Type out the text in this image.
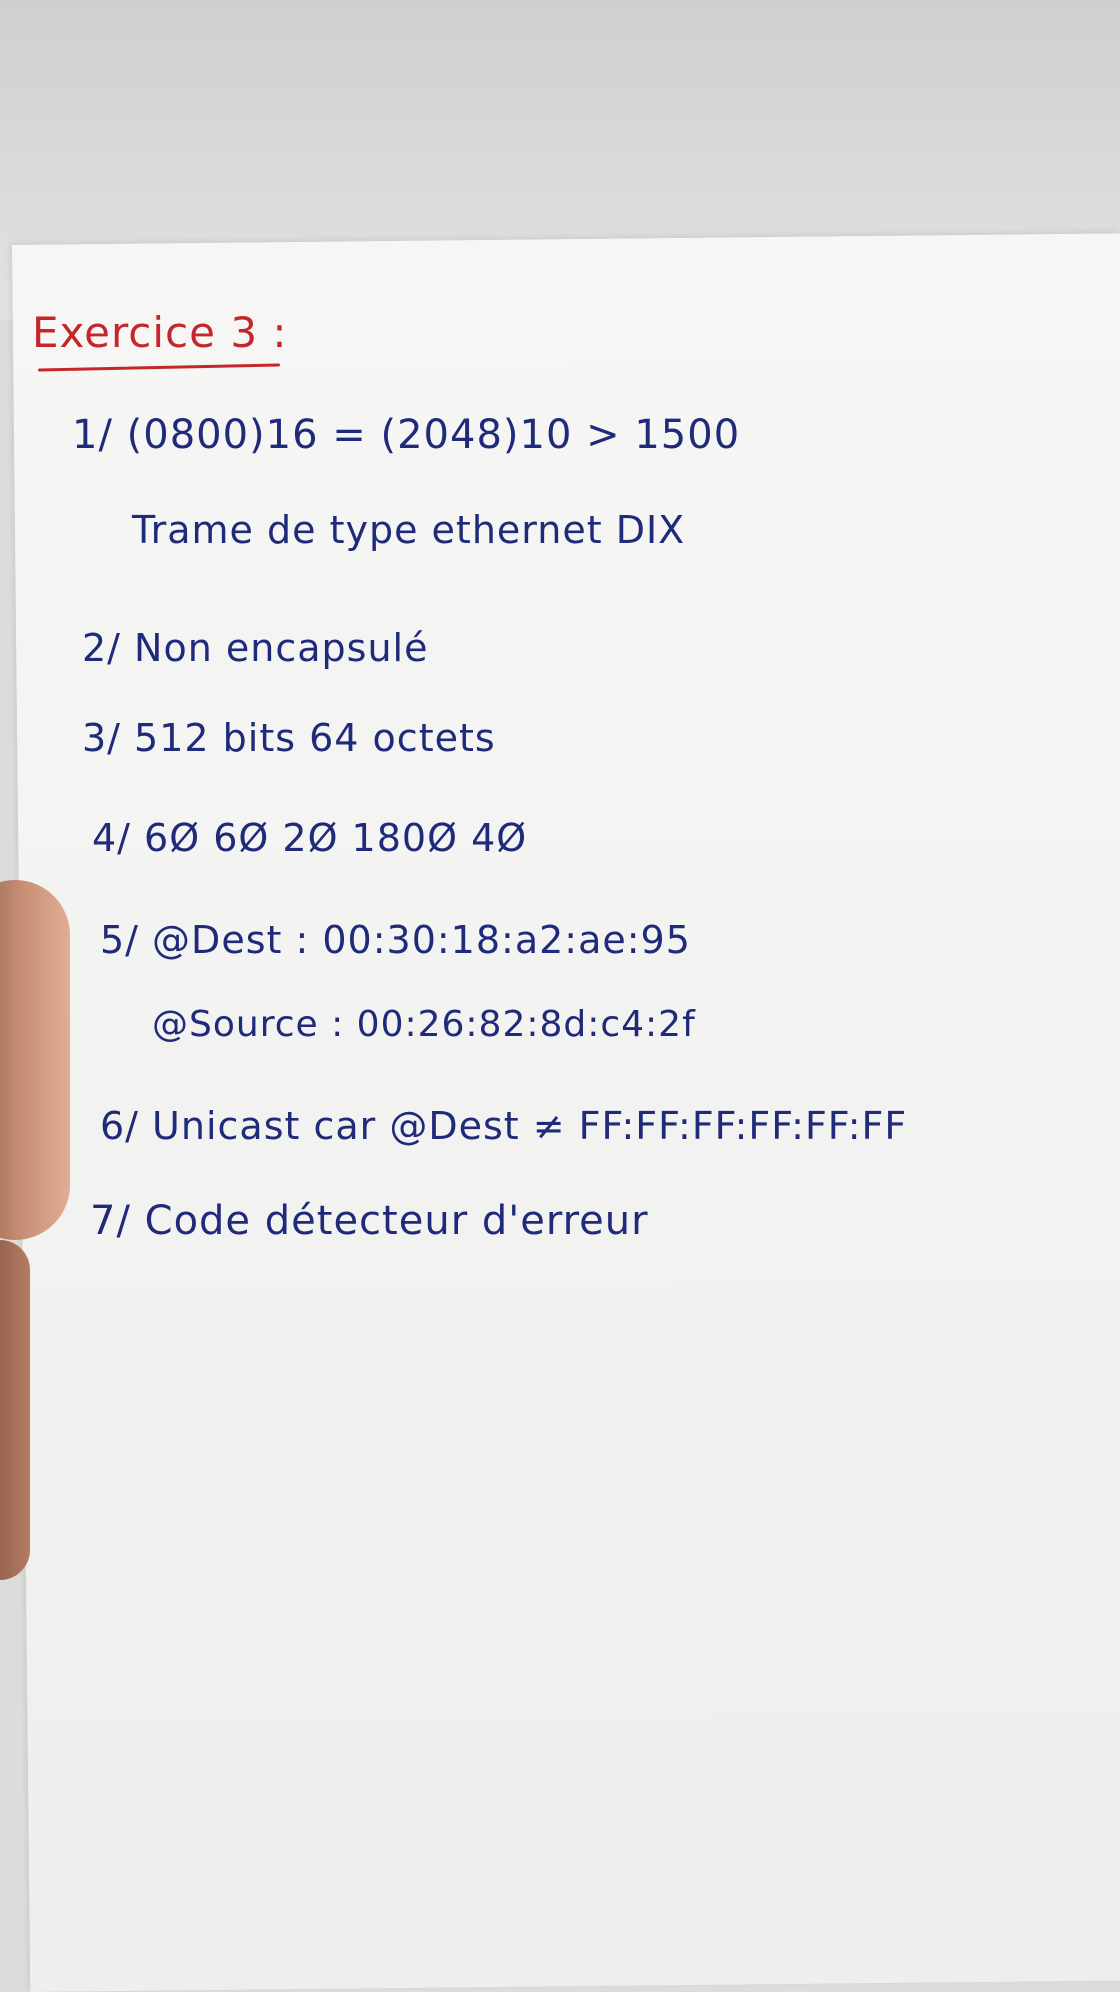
Exercice 3 :
1/ (0800)16 = (2048)10 > 1500
Trame de type ethernet DIX
2/ Non encapsulé
3/ 512 bits 64 octets
4/ 6Ø 6Ø 2Ø 180Ø 4Ø
5/ @Dest : 00:30:18:a2:ae:95
@Source : 00:26:82:8d:c4:2f
6/ Unicast car @Dest ≠ FF:FF:FF:FF:FF:FF
7/ Code détecteur d'erreur
